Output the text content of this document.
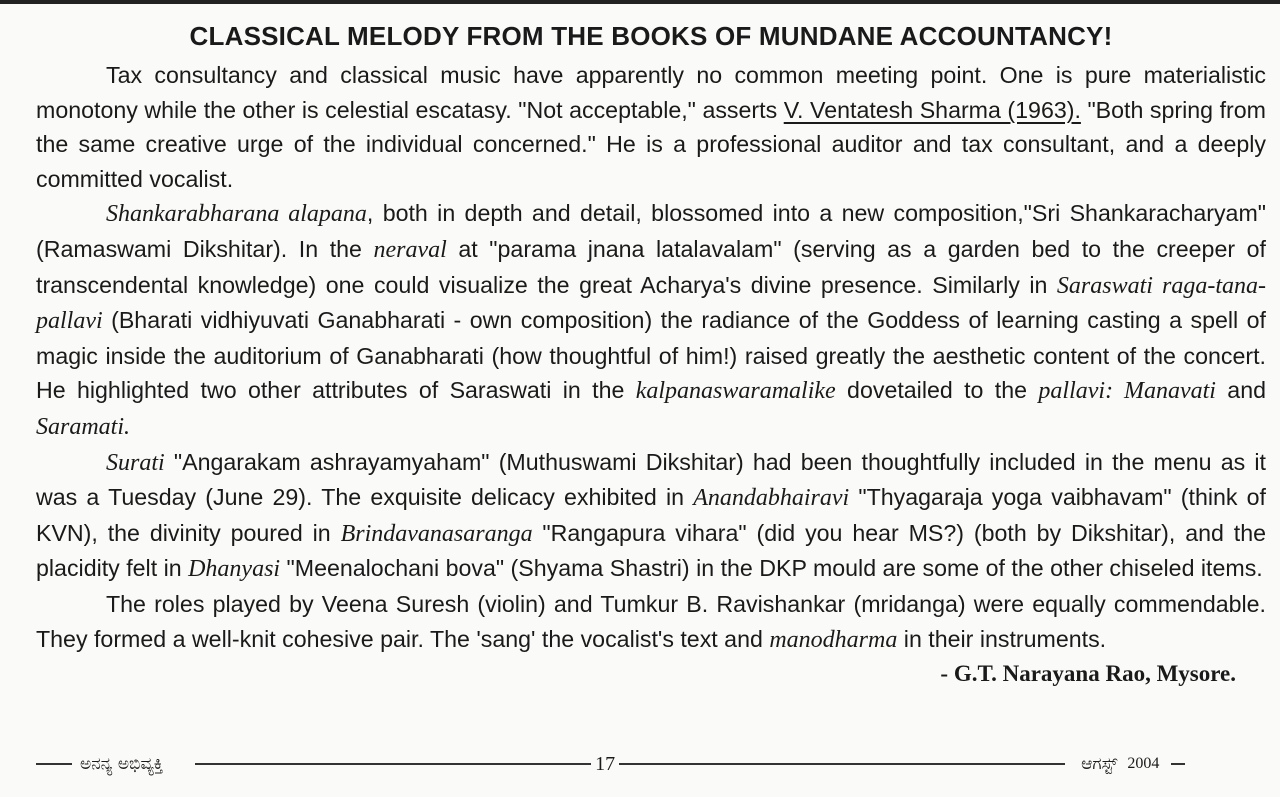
CLASSICAL MELODY FROM THE BOOKS OF MUNDANE ACCOUNTANCY!

Tax consultancy and classical music have apparently no common meeting point. One is pure materialistic monotony while the other is celestial escatasy. "Not acceptable," asserts V. Ventatesh Sharma (1963). "Both spring from the same creative urge of the individual concerned." He is a professional auditor and tax consultant, and a deeply committed vocalist.

Shankarabharana alapana, both in depth and detail, blossomed into a new composition,"Sri Shankaracharyam" (Ramaswami Dikshitar). In the neraval at "parama jnana latalavalam" (serving as a garden bed to the creeper of transcendental knowledge) one could visualize the great Acharya's divine presence. Similarly in Saraswati raga-tana-pallavi (Bharati vidhiyuvati Ganabharati - own composition) the radiance of the Goddess of learning casting a spell of magic inside the auditorium of Ganabharati (how thoughtful of him!) raised greatly the aesthetic content of the concert. He highlighted two other attributes of Saraswati in the kalpanaswaramalike dovetailed to the pallavi: Manavati and Saramati.

Surati "Angarakam ashrayamyaham" (Muthuswami Dikshitar) had been thoughtfully included in the menu as it was a Tuesday (June 29). The exquisite delicacy exhibited in Anandabhairavi "Thyagaraja yoga vaibhavam" (think of KVN), the divinity poured in Brindavanasaranga "Rangapura vihara" (did you hear MS?) (both by Dikshitar), and the placidity felt in Dhanyasi "Meenalochani bova" (Shyama Shastri) in the DKP mould are some of the other chiseled items.

The roles played by Veena Suresh (violin) and Tumkur B. Ravishankar (mridanga) were equally commendable. They formed a well-knit cohesive pair. The 'sang' the vocalist's text and manodharma in their instruments.
- G.T. Narayana Rao, Mysore.

ಅನನ್ಯ ಅಭಿವ್ಯಕ್ತಿ	17	ಆಗಸ್ಟ್ 2004
